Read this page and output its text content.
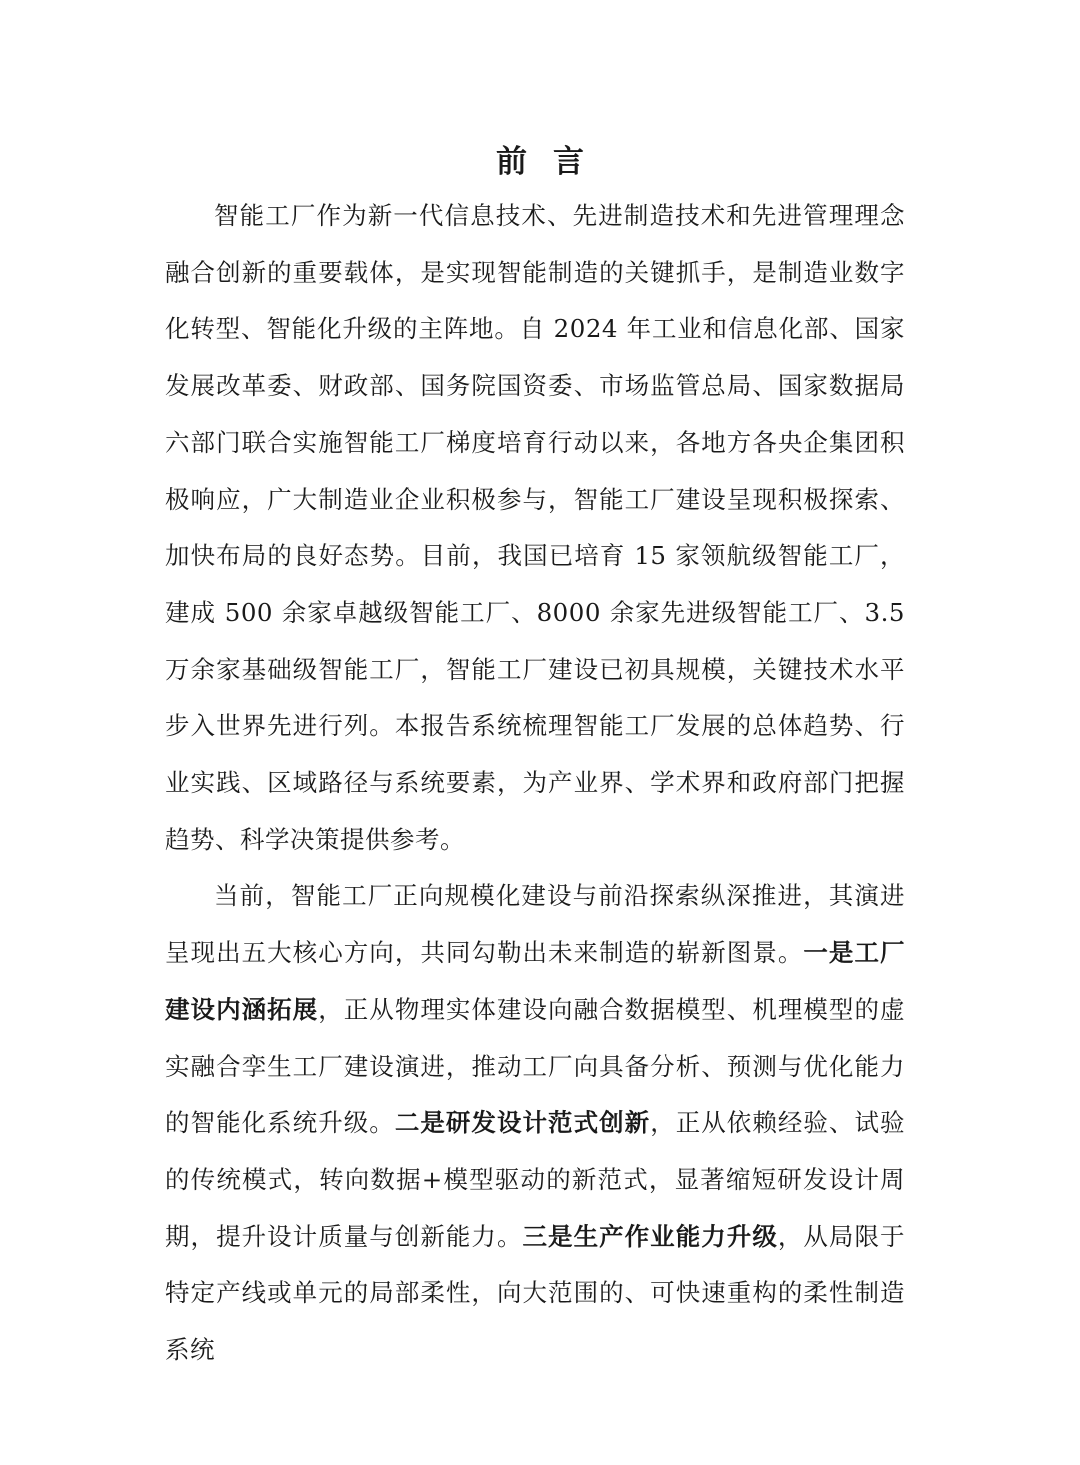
前言

智能工厂作为新一代信息技术、先进制造技术和先进管理理念融合创新的重要载体，是实现智能制造的关键抓手，是制造业数字化转型、智能化升级的主阵地。自 2024 年工业和信息化部、国家发展改革委、财政部、国务院国资委、市场监管总局、国家数据局六部门联合实施智能工厂梯度培育行动以来，各地方各央企集团积极响应，广大制造业企业积极参与，智能工厂建设呈现积极探索、加快布局的良好态势。目前，我国已培育 15 家领航级智能工厂，建成 500 余家卓越级智能工厂、8000 余家先进级智能工厂、3.5 万余家基础级智能工厂，智能工厂建设已初具规模，关键技术水平步入世界先进行列。本报告系统梳理智能工厂发展的总体趋势、行业实践、区域路径与系统要素，为产业界、学术界和政府部门把握趋势、科学决策提供参考。

当前，智能工厂正向规模化建设与前沿探索纵深推进，其演进呈现出五大核心方向，共同勾勒出未来制造的崭新图景。一是工厂建设内涵拓展，正从物理实体建设向融合数据模型、机理模型的虚实融合孪生工厂建设演进，推动工厂向具备分析、预测与优化能力的智能化系统升级。二是研发设计范式创新，正从依赖经验、试验的传统模式，转向数据+模型驱动的新范式，显著缩短研发设计周期，提升设计质量与创新能力。三是生产作业能力升级，从局限于特定产线或单元的局部柔性，向大范围的、可快速重构的柔性制造系统
